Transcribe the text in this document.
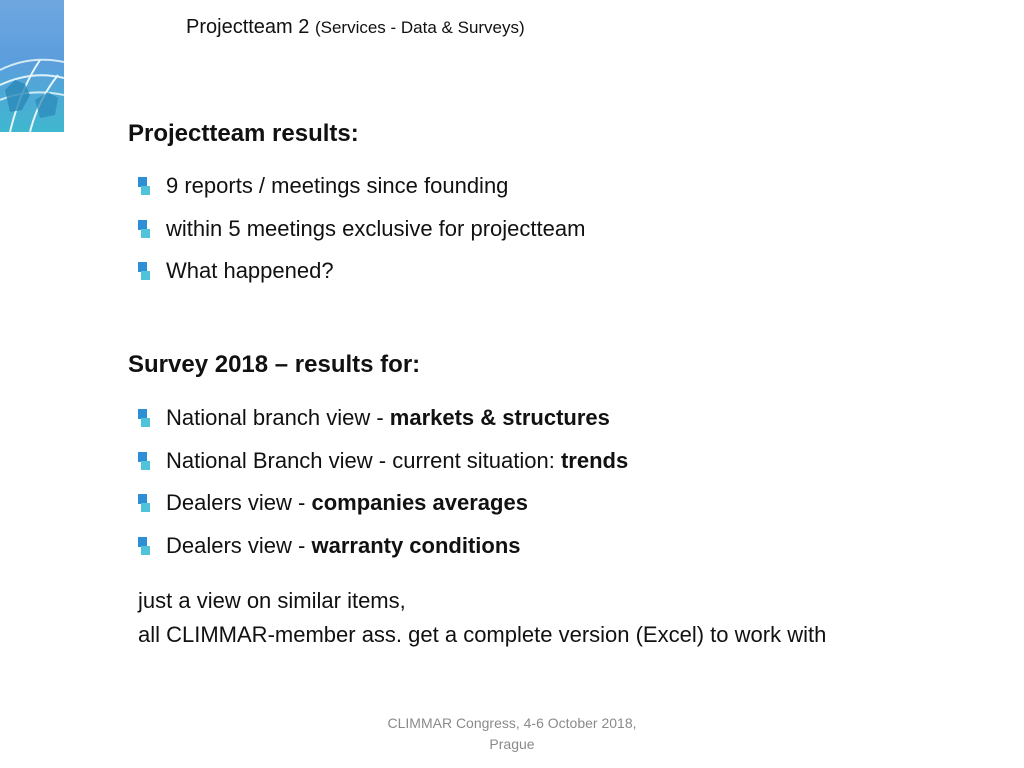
Projectteam 2 (Services - Data & Surveys)
Projectteam results:
9 reports / meetings since founding
within 5 meetings exclusive for projectteam
What happened?
Survey 2018 – results for:
National branch view - markets & structures
National Branch view - current situation: trends
Dealers view - companies averages
Dealers view - warranty conditions
just a view on similar items,
all CLIMMAR-member ass. get a complete version (Excel) to work with
CLIMMAR Congress, 4-6 October 2018,
Prague
